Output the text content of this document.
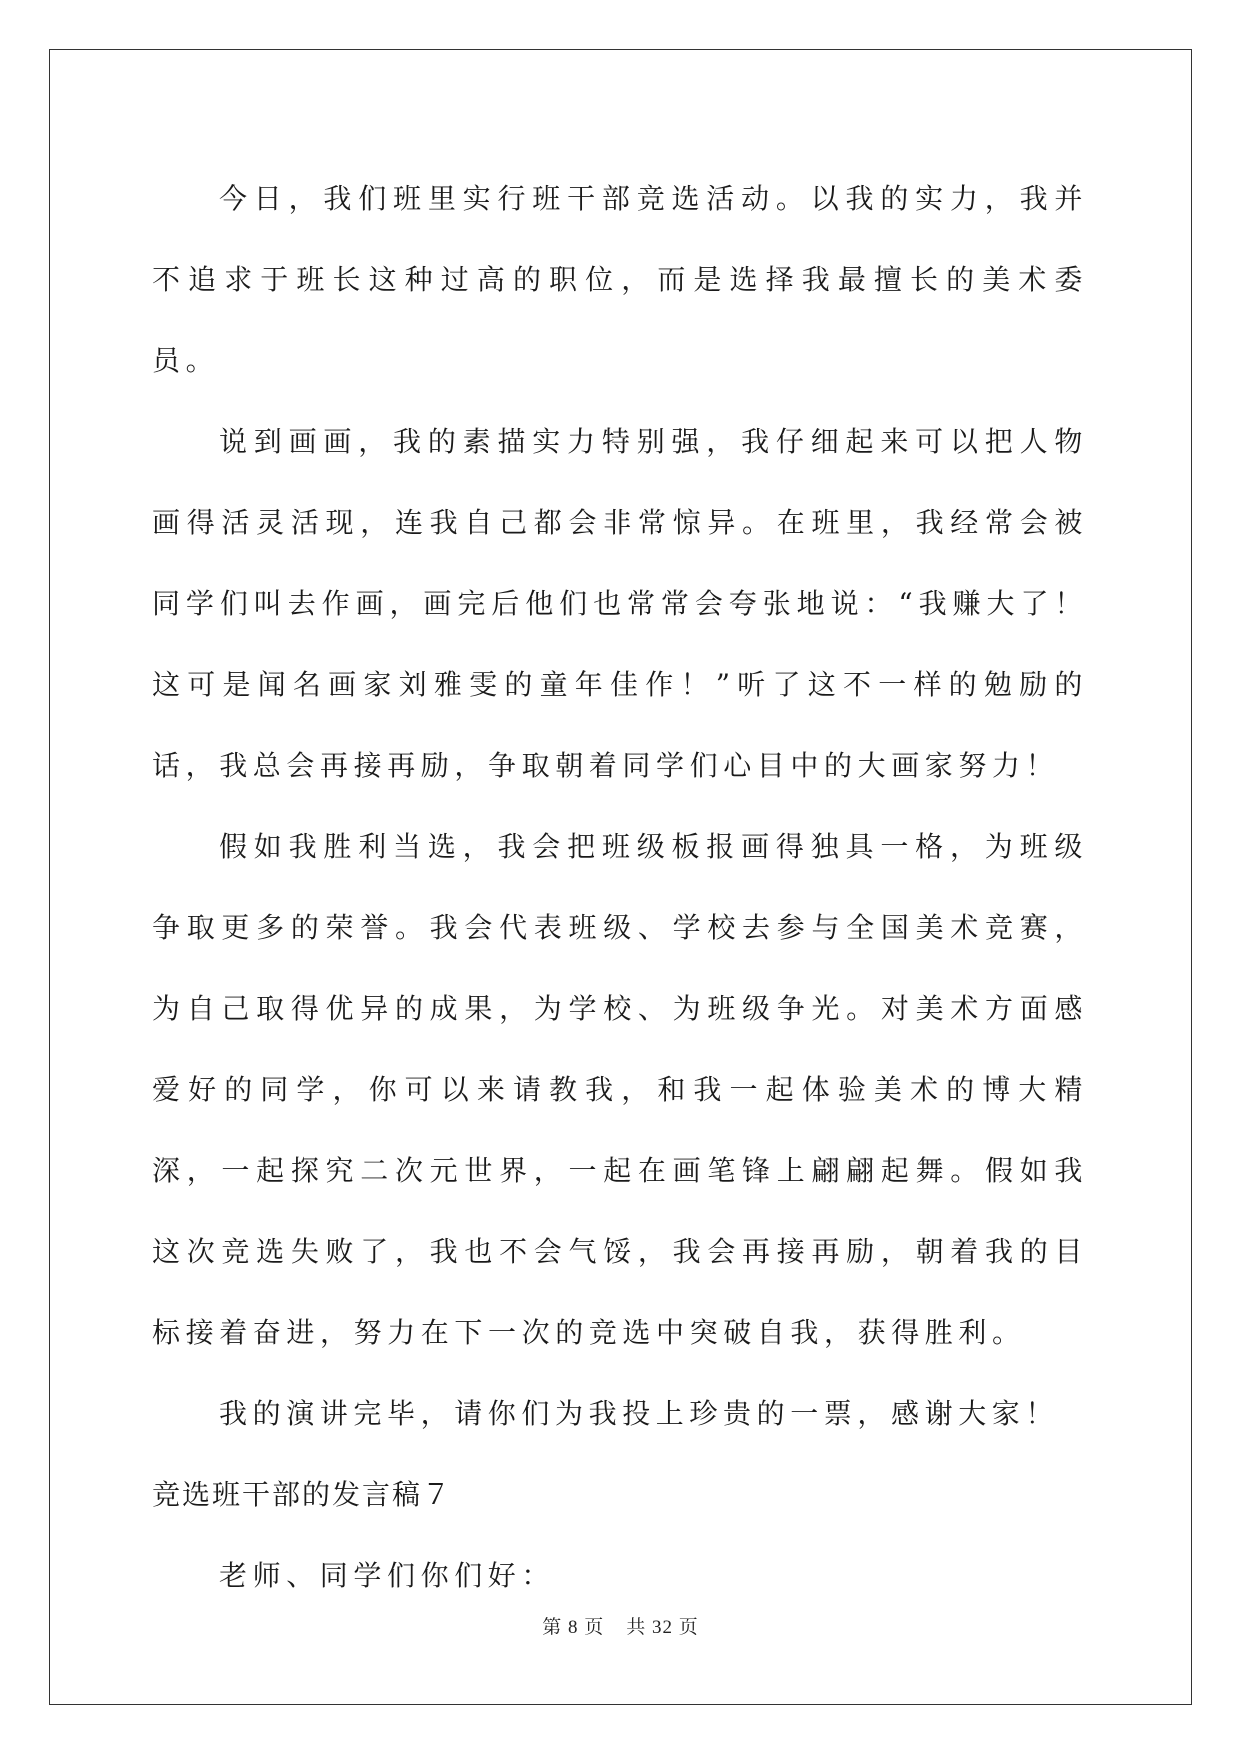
今日，我们班里实行班干部竞选活动。以我的实力，我并不追求于班长这种过高的职位，而是选择我最擅长的美术委员。

说到画画，我的素描实力特别强，我仔细起来可以把人物画得活灵活现，连我自己都会非常惊异。在班里，我经常会被同学们叫去作画，画完后他们也常常会夸张地说：“我赚大了！这可是闻名画家刘雅雯的童年佳作！”听了这不一样的勉励的话，我总会再接再励，争取朝着同学们心目中的大画家努力！

假如我胜利当选，我会把班级板报画得独具一格，为班级争取更多的荣誉。我会代表班级、学校去参与全国美术竞赛，为自己取得优异的成果，为学校、为班级争光。对美术方面感爱好的同学，你可以来请教我，和我一起体验美术的博大精深，一起探究二次元世界，一起在画笔锋上翩翩起舞。假如我这次竞选失败了，我也不会气馁，我会再接再励，朝着我的目标接着奋进，努力在下一次的竞选中突破自我，获得胜利。

我的演讲完毕，请你们为我投上珍贵的一票，感谢大家！

竞选班干部的发言稿７

老师、同学们你们好：

第 8 页 共 32 页
